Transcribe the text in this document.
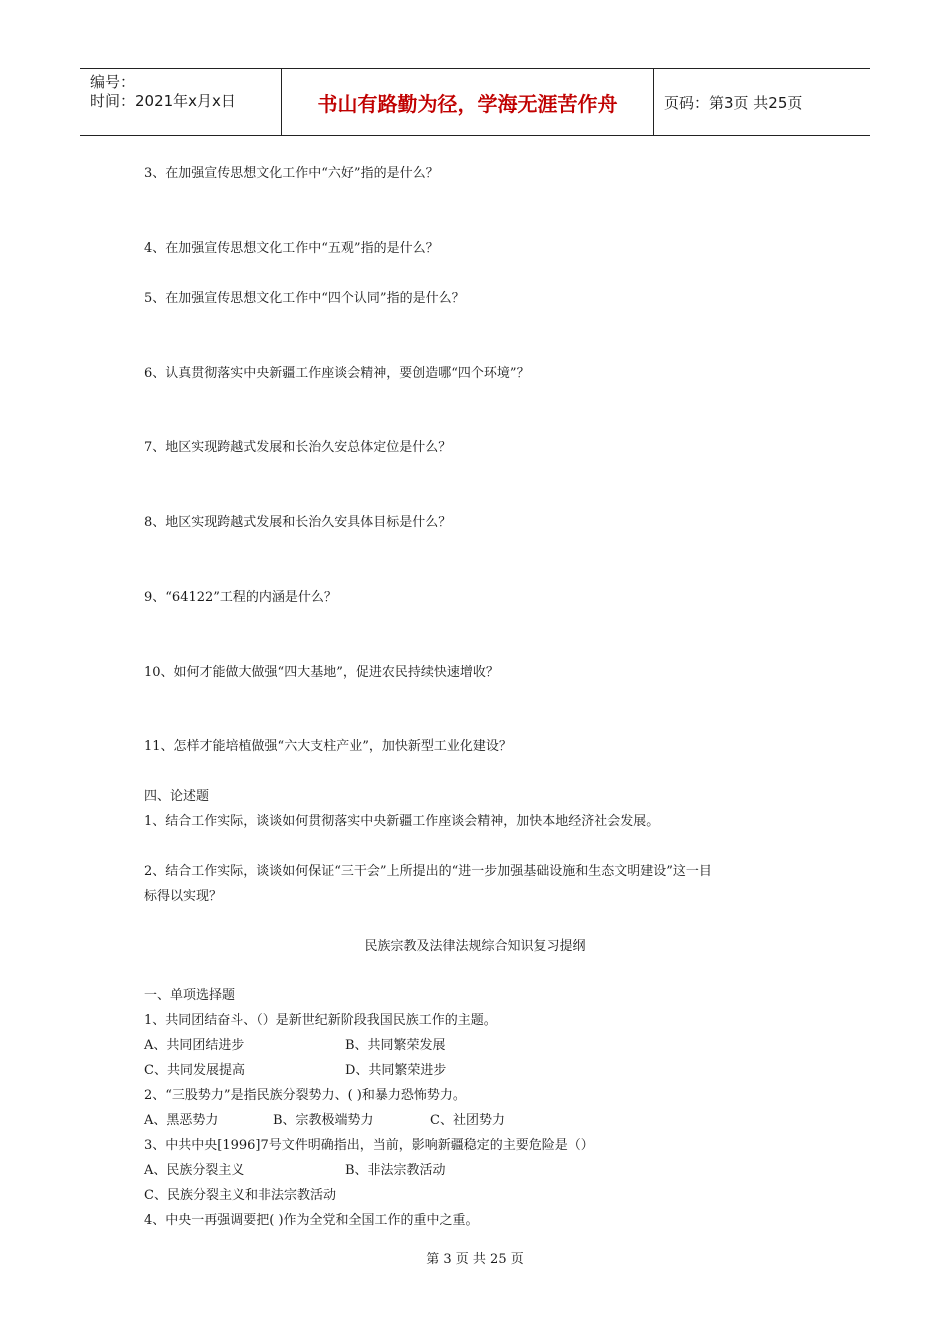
编号：
时间：2021年x月x日	书山有路勤为径，学海无涯苦作舟	页码：第3页 共25页
3、在加强宣传思想文化工作中“六好”指的是什么？
4、在加强宣传思想文化工作中“五观”指的是什么？
5、在加强宣传思想文化工作中“四个认同”指的是什么？
6、认真贯彻落实中央新疆工作座谈会精神，要创造哪“四个环境”？
7、地区实现跨越式发展和长治久安总体定位是什么？
8、地区实现跨越式发展和长治久安具体目标是什么？
9、“64122”工程的内涵是什么？
10、如何才能做大做强“四大基地”，促进农民持续快速增收？
11、怎样才能培植做强“六大支柱产业”，加快新型工业化建设？
四、论述题
1、结合工作实际，谈谈如何贯彻落实中央新疆工作座谈会精神，加快本地经济社会发展。
2、结合工作实际，谈谈如何保证“三干会”上所提出的“进一步加强基础设施和生态文明建设”这一目
标得以实现？
民族宗教及法律法规综合知识复习提纲
一、单项选择题
1、共同团结奋斗、（）是新世纪新阶段我国民族工作的主题。
A、共同团结进步	B、共同繁荣发展
C、共同发展提高	D、共同繁荣进步
2、“三股势力”是指民族分裂势力、( )和暴力恐怖势力。
A、黑恶势力	B、宗教极端势力	C、社团势力
3、中共中央[1996]7号文件明确指出，当前，影响新疆稳定的主要危险是（）
A、民族分裂主义	B、非法宗教活动
C、民族分裂主义和非法宗教活动
4、中央一再强调要把( )作为全党和全国工作的重中之重。
第 3 页 共 25 页
